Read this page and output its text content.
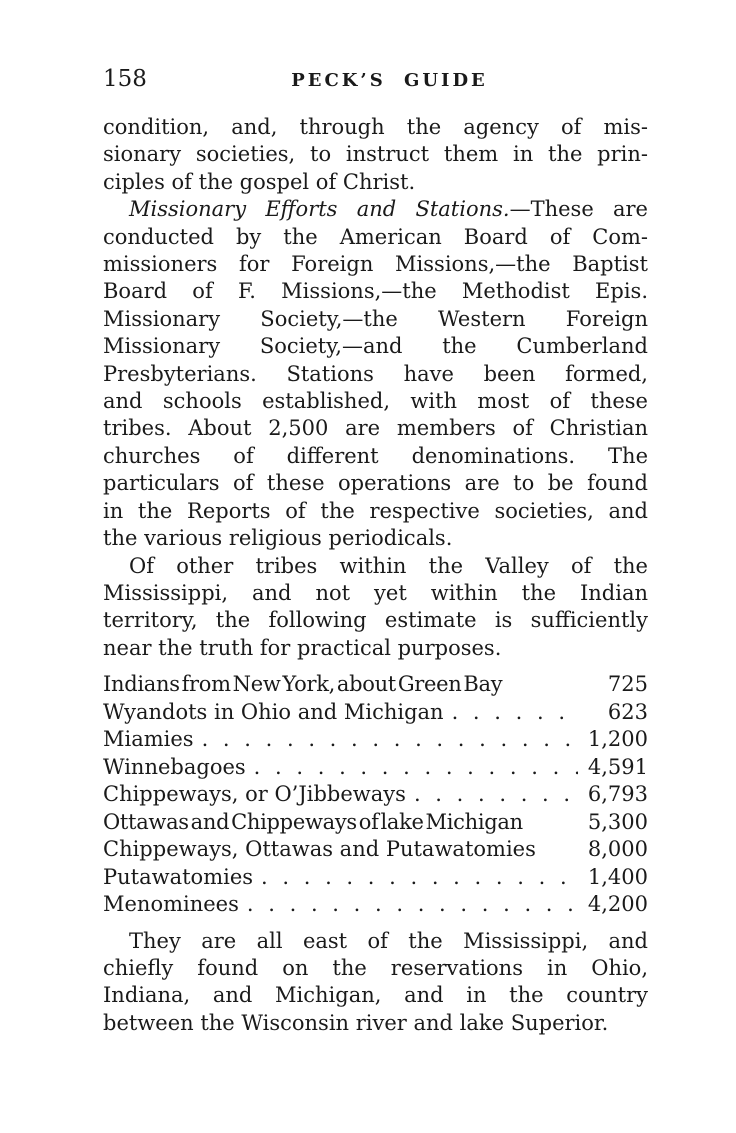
158	PECK’S GUIDE
condition, and, through the agency of mis-
sionary societies, to instruct them in the prin-
ciples of the gospel of Christ.
Missionary Efforts and Stations.—These are
conducted by the American Board of Com-
missioners for Foreign Missions,—the Baptist
Board of F. Missions,—the Methodist Epis.
Missionary Society,—the Western Foreign
Missionary Society,—and the Cumberland
Presbyterians. Stations have been formed,
and schools established, with most of these
tribes. About 2,500 are members of Christian
churches of different denominations. The
particulars of these operations are to be found
in the Reports of the respective societies, and
the various religious periodicals.
Of other tribes within the Valley of the
Mississippi, and not yet within the Indian
territory, the following estimate is sufficiently
near the truth for practical purposes.
Indians from New York, about Green Bay	725
Wyandots in Ohio and Michigan . . .	623
Miamies . . .	1,200
Winnebagoes . . .	4,591
Chippeways, or O’Jibbeways . . .	6,793
Ottawas and Chippeways of lake Michigan	5,300
Chippeways, Ottawas and Putawatomies 8,000
Putawatomies . . .	1,400
Menominees . . .	4,200
They are all east of the Mississippi, and
chiefly found on the reservations in Ohio,
Indiana, and Michigan, and in the country
between the Wisconsin river and lake Superior.
